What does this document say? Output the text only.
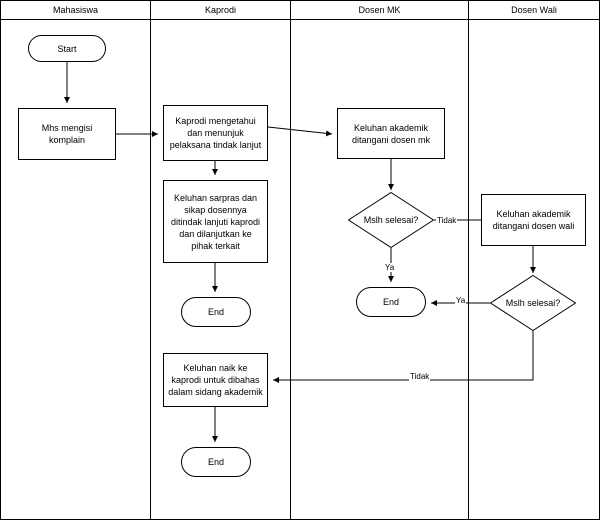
Mahasiswa	Kaprodi	Dosen MK	Dosen Wali
Start
Mhs mengisi komplain
Kaprodi mengetahui dan menunjuk pelaksana tindak lanjut
Keluhan sarpras dan sikap dosennya ditindak lanjuti kaprodi dan dilanjutkan ke pihak terkait
End
Keluhan naik ke kaprodi untuk dibahas dalam sidang akademik
End
Keluhan akademik ditangani dosen mk
End
Keluhan akademik ditangani dosen wali
Mslh selesai?
Mslh selesai?
Tidak
Ya
Ya
Tidak
